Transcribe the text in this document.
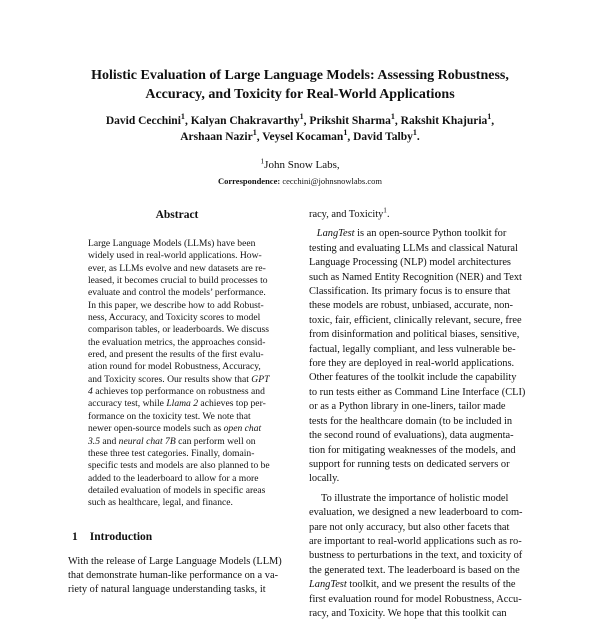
Holistic Evaluation of Large Language Models: Assessing Robustness,
Accuracy, and Toxicity for Real-World Applications
David Cecchini$^1$, Kalyan Chakravarthy$^1$, Prikshit Sharma$^1$, Rakshit Khajuria$^1$,
Arshaan Nazir$^1$, Veysel Kocaman$^1$, David Talby$^1$.
$^1$John Snow Labs,
Correspondence: cecchini@johnsnowlabs.com
Abstract
Large Language Models (LLMs) have been
widely used in real-world applications. How-
ever, as LLMs evolve and new datasets are re-
leased, it becomes crucial to build processes to
evaluate and control the models’ performance.
In this paper, we describe how to add Robust-
ness, Accuracy, and Toxicity scores to model
comparison tables, or leaderboards. We discuss
the evaluation metrics, the approaches consid-
ered, and present the results of the first evalu-
ation round for model Robustness, Accuracy,
and Toxicity scores. Our results show that GPT
4 achieves top performance on robustness and
accuracy test, while Llama 2 achieves top per-
formance on the toxicity test. We note that
newer open-source models such as open chat
3.5 and neural chat 7B can perform well on
these three test categories. Finally, domain-
specific tests and models are also planned to be
added to the leaderboard to allow for a more
detailed evaluation of models in specific areas
such as healthcare, legal, and finance.
1 Introduction
With the release of Large Language Models (LLM)
that demonstrate human-like performance on a va-
riety of natural language understanding tasks, it
racy, and Toxicity$^1$.
LangTest is an open-source Python toolkit for
testing and evaluating LLMs and classical Natural
Language Processing (NLP) model architectures
such as Named Entity Recognition (NER) and Text
Classification. Its primary focus is to ensure that
these models are robust, unbiased, accurate, non-
toxic, fair, efficient, clinically relevant, secure, free
from disinformation and political biases, sensitive,
factual, legally compliant, and less vulnerable be-
fore they are deployed in real-world applications.
Other features of the toolkit include the capability
to run tests either as Command Line Interface (CLI)
or as a Python library in one-liners, tailor made
tests for the healthcare domain (to be included in
the second round of evaluations), data augmenta-
tion for mitigating weaknesses of the models, and
support for running tests on dedicated servers or
locally.
To illustrate the importance of holistic model
evaluation, we designed a new leaderboard to com-
pare not only accuracy, but also other facets that
are important to real-world applications such as ro-
bustness to perturbations in the text, and toxicity of
the generated text. The leaderboard is based on the
LangTest toolkit, and we present the results of the
first evaluation round for model Robustness, Accu-
racy, and Toxicity. We hope that this toolkit can
